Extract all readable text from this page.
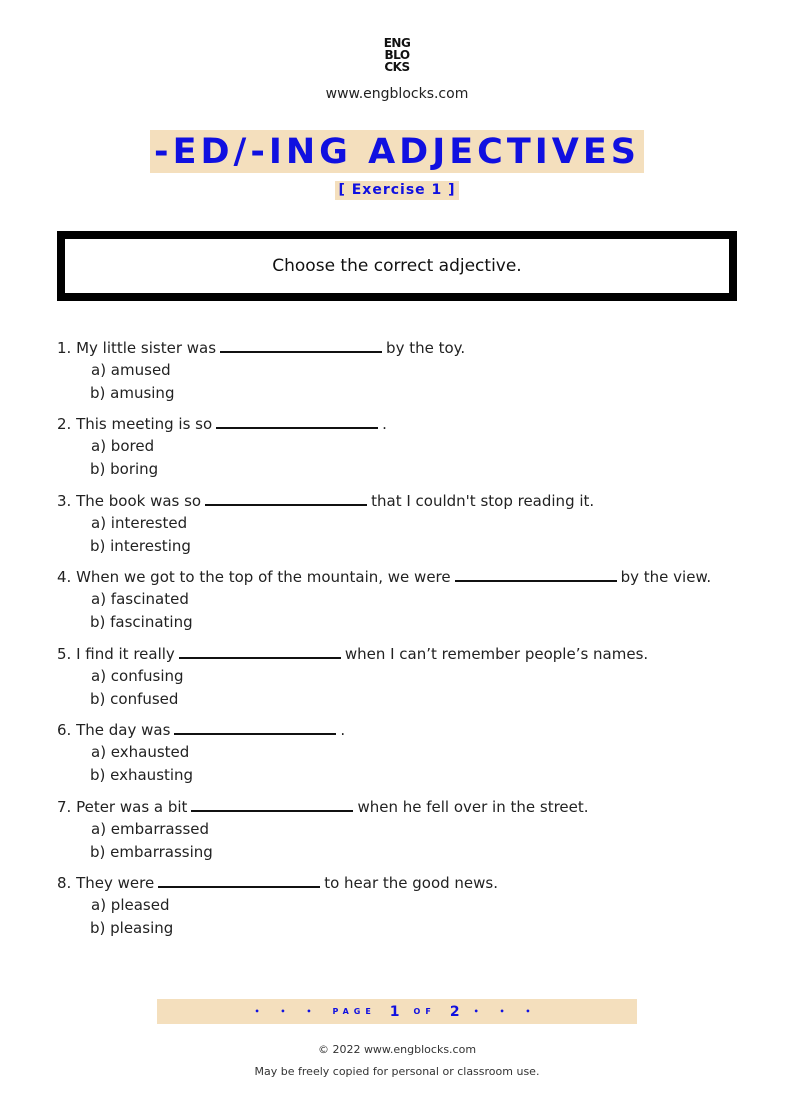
ENG
BLO
CKS
www.engblocks.com
-ED/-ING ADJECTIVES
[ Exercise 1 ]
Choose the correct adjective.
1. My little sister was	by the toy.
a) amused
b) amusing
2. This meeting is so	.
a) bored
b) boring
3. The book was so	that I couldn't stop reading it.
a) interested
b) interesting
4. When we got to the top of the mountain, we were	by the view.
a) fascinated
b) fascinating
5. I find it really	when I can’t remember people’s names.
a) confusing
b) confused
6. The day was	.
a) exhausted
b) exhausting
7. Peter was a bit	when he fell over in the street.
a) embarrassed
b) embarrassing
8. They were	to hear the good news.
a) pleased
b) pleasing
• • • PAGE 1 OF 2 • • •
© 2022 www.engblocks.com
May be freely copied for personal or classroom use.
